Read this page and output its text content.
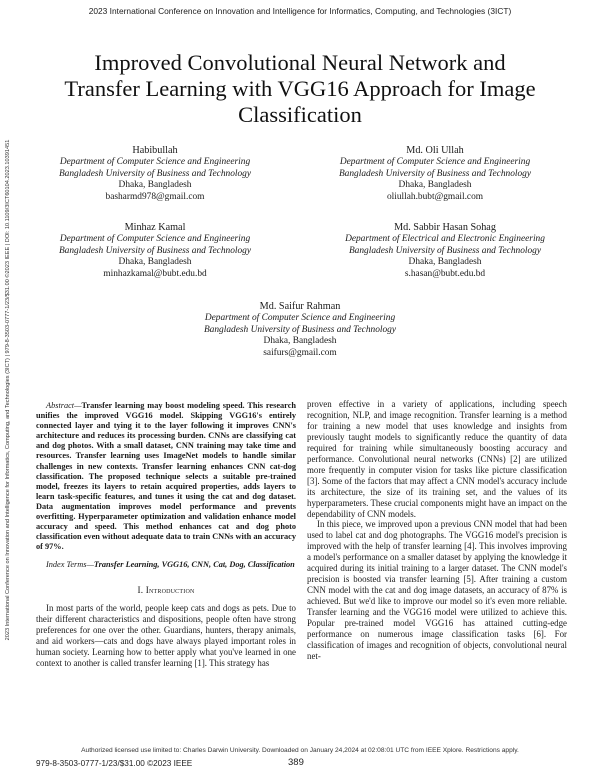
2023 International Conference on Innovation and Intelligence for Informatics, Computing, and Technologies (3ICT)
2023 International Conference on Innovation and Intelligence for Informatics, Computing, and Technologies (3ICT) | 979-8-3503-0777-1/23/$31.00 ©2023 IEEE | DOI: 10.1109/3ICT60104.2023.10391451
Improved Convolutional Neural Network and Transfer Learning with VGG16 Approach for Image Classification
Habibullah
Department of Computer Science and Engineering
Bangladesh University of Business and Technology
Dhaka, Bangladesh
basharmd978@gmail.com
Md. Oli Ullah
Department of Computer Science and Engineering
Bangladesh University of Business and Technology
Dhaka, Bangladesh
oliullah.bubt@gmail.com
Minhaz Kamal
Department of Computer Science and Engineering
Bangladesh University of Business and Technology
Dhaka, Bangladesh
minhazkamal@bubt.edu.bd
Md. Sabbir Hasan Sohag
Department of Electrical and Electronic Engineering
Bangladesh University of Business and Technology
Dhaka, Bangladesh
s.hasan@bubt.edu.bd
Md. Saifur Rahman
Department of Computer Science and Engineering
Bangladesh University of Business and Technology
Dhaka, Bangladesh
saifurs@gmail.com

Abstract—Transfer learning may boost modeling speed. This research unifies the improved VGG16 model. Skipping VGG16's entirely connected layer and tying it to the layer following it improves CNN's architecture and reduces its processing burden. CNNs are classifying cat and dog photos. With a small dataset, CNN training may take time and resources. Transfer learning uses ImageNet models to handle similar challenges in new contexts. Transfer learning enhances CNN cat-dog classification. The proposed technique selects a suitable pre-trained model, freezes its layers to retain acquired properties, adds layers to learn task-specific features, and tunes it using the cat and dog dataset. Data augmentation improves model performance and prevents overfitting. Hyperparameter optimization and validation enhance model accuracy and speed. This method enhances cat and dog photo classification even without adequate data to train CNNs with an accuracy of 97%.

Index Terms—Transfer Learning, VGG16, CNN, Cat, Dog, Classification

I. Introduction

In most parts of the world, people keep cats and dogs as pets. Due to their different characteristics and dispositions, people often have strong preferences for one over the other. Guardians, hunters, therapy animals, and aid workers—cats and dogs have always played important roles in human society. Learning how to better apply what you've learned in one context to another is called transfer learning [1]. This strategy has

proven effective in a variety of applications, including speech recognition, NLP, and image recognition. Transfer learning is a method for training a new model that uses knowledge and insights from previously taught models to significantly reduce the quantity of data required for training while simultaneously boosting accuracy and performance. Convolutional neural networks (CNNs) [2] are utilized more frequently in computer vision for tasks like picture classification [3]. Some of the factors that may affect a CNN model's accuracy include its architecture, the size of its training set, and the values of its hyperparameters. These crucial components might have an impact on the dependability of CNN models.

In this piece, we improved upon a previous CNN model that had been used to label cat and dog photographs. The VGG16 model's precision is improved with the help of transfer learning [4]. This involves improving a model's performance on a smaller dataset by applying the knowledge it acquired during its initial training to a larger dataset. The CNN model's precision is boosted via transfer learning [5]. After training a custom CNN model with the cat and dog image datasets, an accuracy of 87% is achieved. But we'd like to improve our model so it's even more reliable. Transfer learning and the VGG16 model were utilized to achieve this. Popular pre-trained model VGG16 has attained cutting-edge performance on numerous image classification tasks [6]. For classification of images and recognition of objects, convolutional neural net-

Authorized licensed use limited to: Charles Darwin University. Downloaded on January 24,2024 at 02:08:01 UTC from IEEE Xplore. Restrictions apply.
979-8-3503-0777-1/23/$31.00 ©2023 IEEE	389
